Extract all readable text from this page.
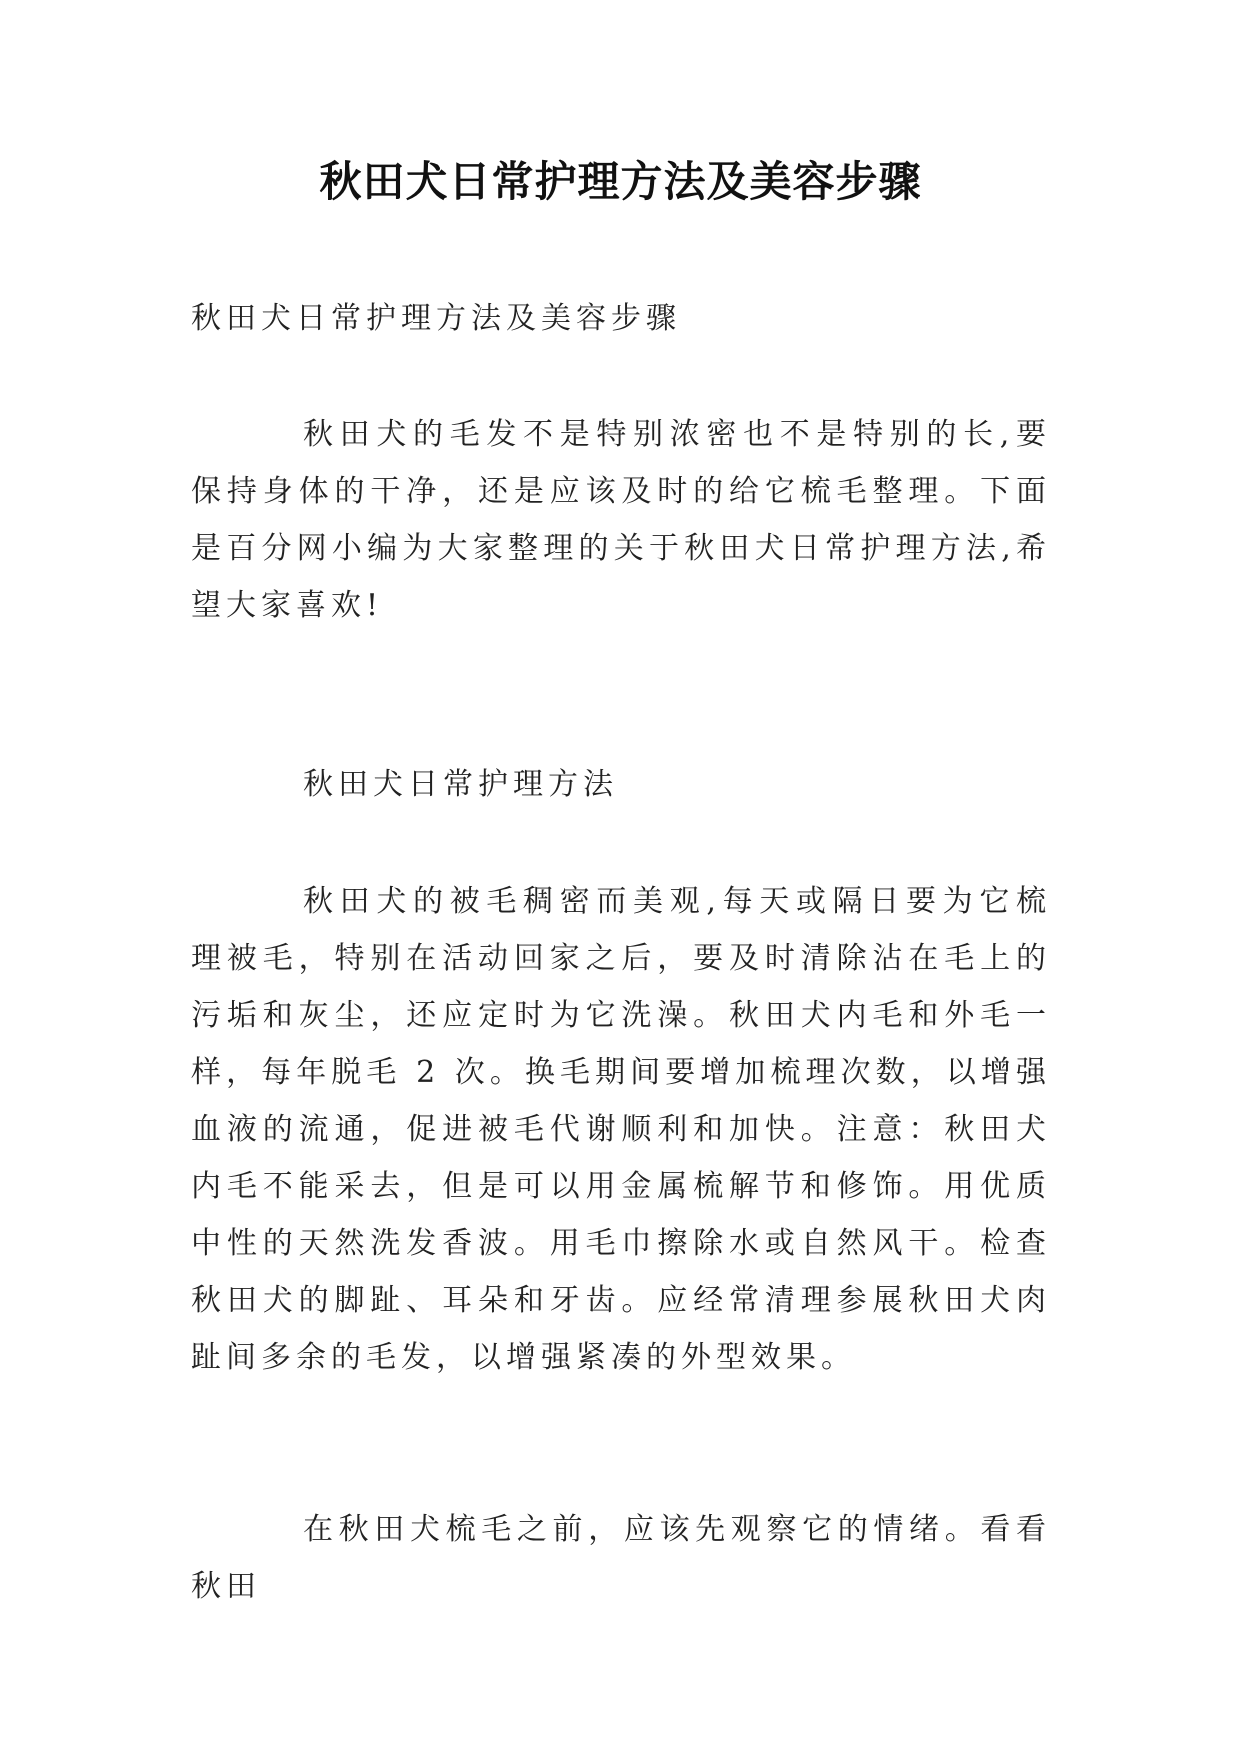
秋田犬日常护理方法及美容步骤

秋田犬日常护理方法及美容步骤

秋田犬的毛发不是特别浓密也不是特别的长,要保持身体的干净，还是应该及时的给它梳毛整理。下面是百分网小编为大家整理的关于秋田犬日常护理方法,希望大家喜欢!

秋田犬日常护理方法

秋田犬的被毛稠密而美观,每天或隔日要为它梳理被毛，特别在活动回家之后，要及时清除沾在毛上的污垢和灰尘，还应定时为它洗澡。秋田犬内毛和外毛一样，每年脱毛 2 次。换毛期间要增加梳理次数，以增强血液的流通，促进被毛代谢顺利和加快。注意：秋田犬内毛不能采去，但是可以用金属梳解节和修饰。用优质中性的天然洗发香波。用毛巾擦除水或自然风干。检查秋田犬的脚趾、耳朵和牙齿。应经常清理参展秋田犬肉趾间多余的毛发，以增强紧凑的外型效果。

在秋田犬梳毛之前，应该先观察它的情绪。看看秋田
